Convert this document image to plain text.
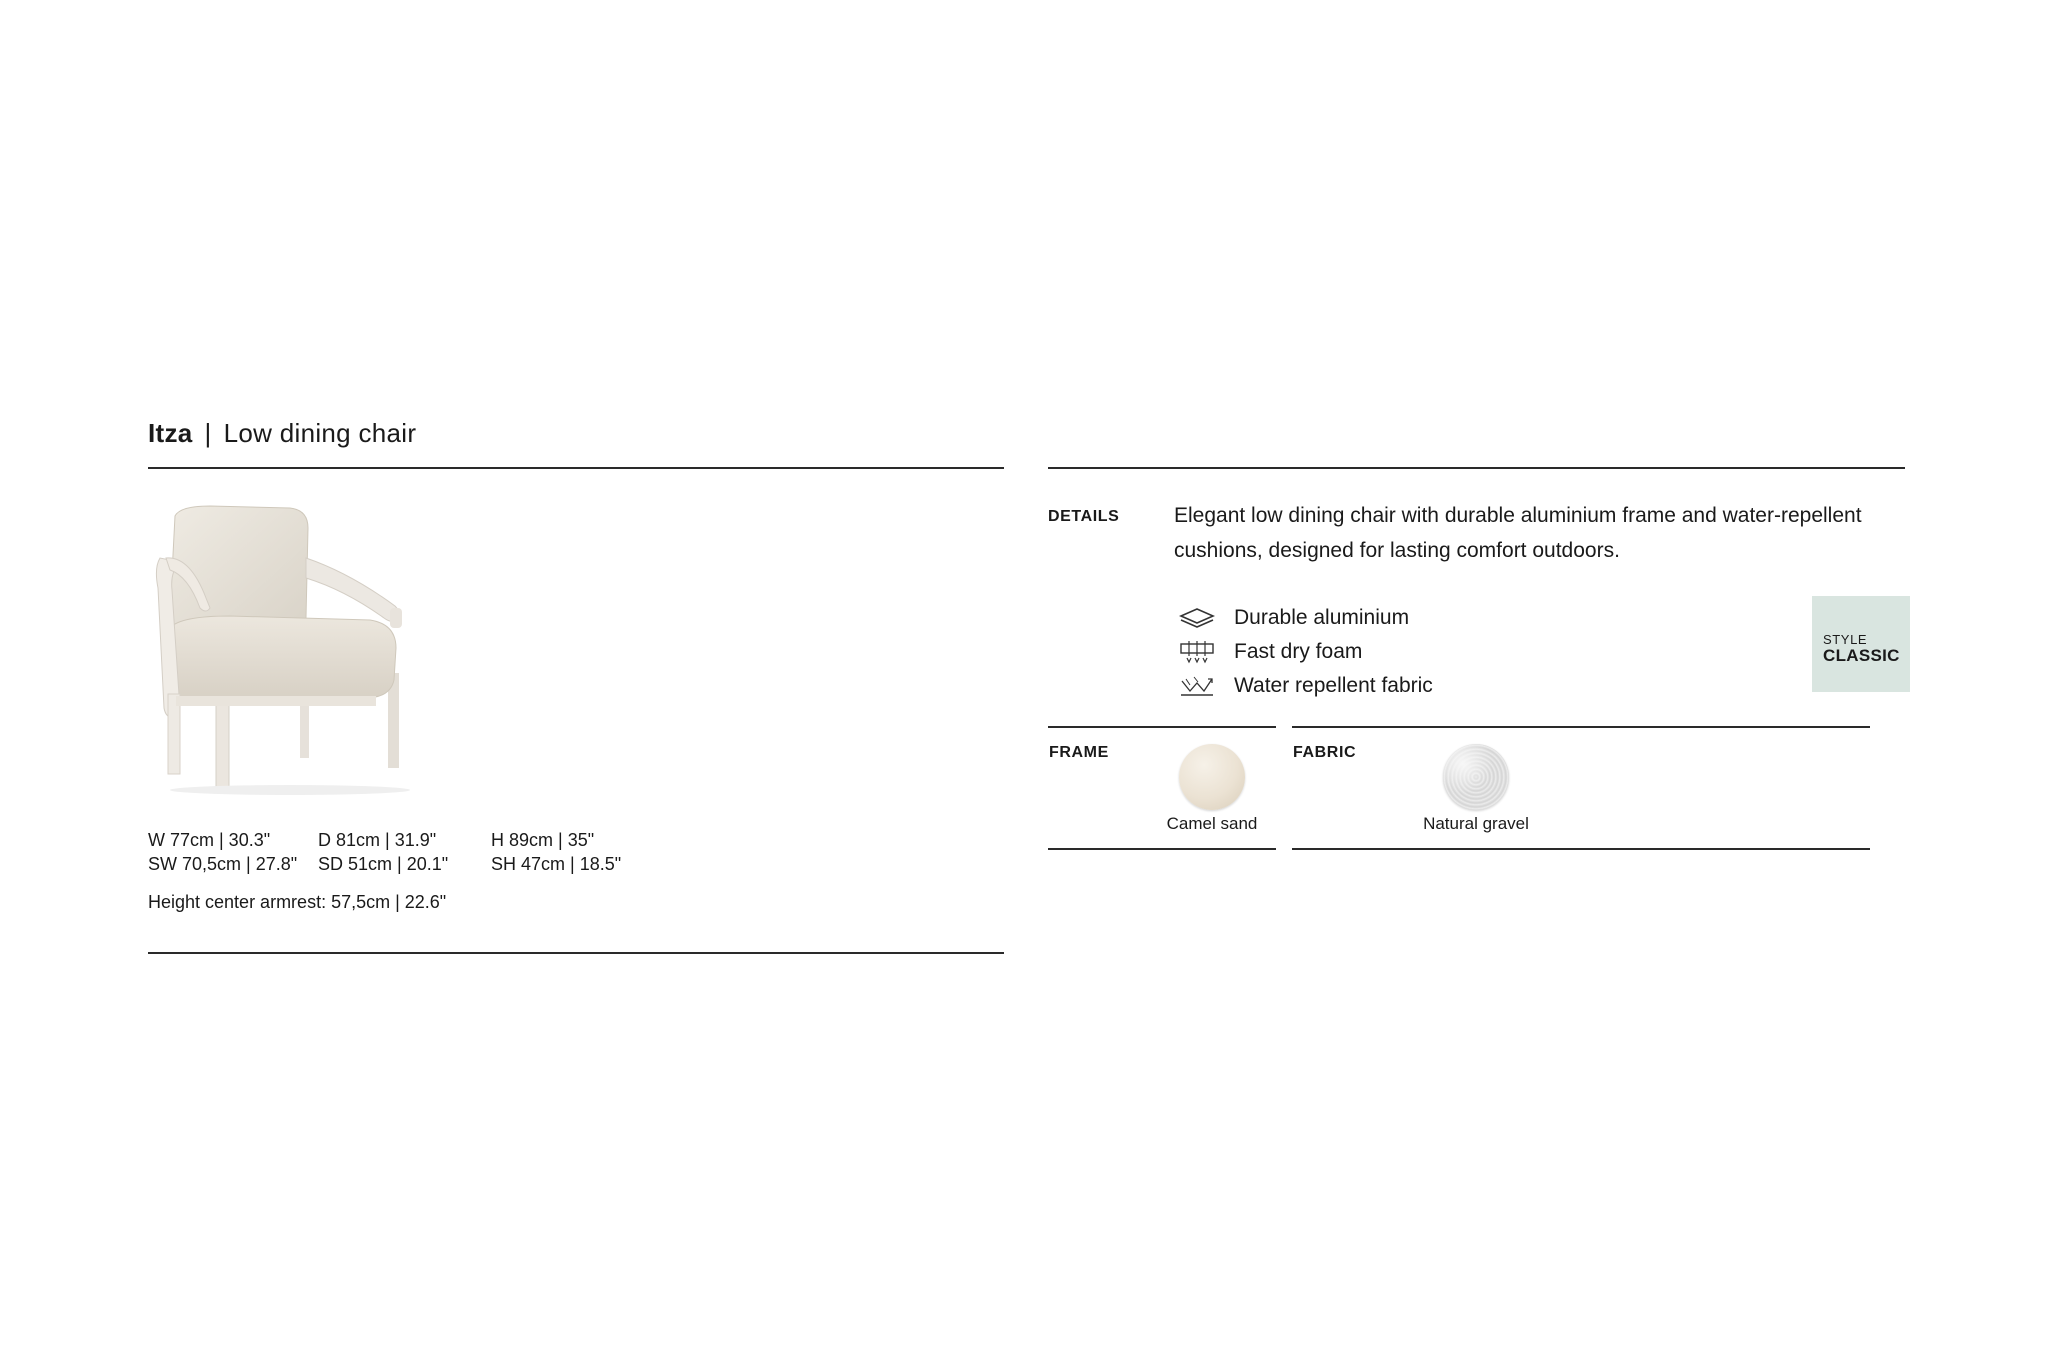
Itza | Low dining chair
W 77cm | 30.3"	D 81cm | 31.9"	H 89cm | 35"
SW 70,5cm | 27.8" SD 51cm | 20.1" SH 47cm | 18.5"
Height center armrest: 57,5cm | 22.6"
DETAILS	Elegant low dining chair with durable aluminium frame and water-repellent cushions, designed for lasting comfort outdoors.
Durable aluminium
Fast dry foam
Water repellent fabric
STYLE
CLASSIC
FRAME
Camel sand
FABRIC
Natural gravel
